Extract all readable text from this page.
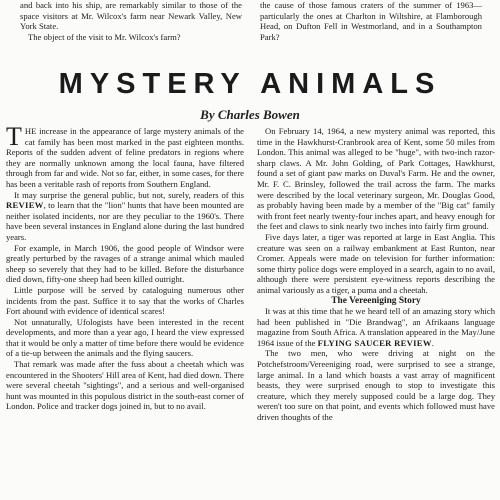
and back into his ship, are remarkably similar to those of the space visitors at Mr. Wilcox's farm near Newark Valley, New York State.

The object of the visit to Mr. Wilcox's farm?

the cause of those famous craters of the summer of 1963—particularly the ones at Charlton in Wiltshire, at Flamborough Head, on Dufton Fell in Westmorland, and in a Southampton Park?

MYSTERY ANIMALS
By Charles Bowen

THE increase in the appearance of large mystery animals of the cat family has been most marked in the past eighteen months. Reports of the sudden advent of feline predators in regions where they are normally unknown among the local fauna, have filtered through from far and wide. Not so far, either, in some cases, for there has been a veritable rash of reports from Southern England.

It may surprise the general public, but not, surely, readers of this REVIEW, to learn that the "lion" hunts that have been mounted are neither isolated incidents, nor are they peculiar to the 1960's. There have been several instances in England alone during the last hundred years.

For example, in March 1906, the good people of Windsor were greatly perturbed by the ravages of a strange animal which mauled sheep so severely that they had to be killed. Before the disturbance died down, fifty-one sheep had been killed outright.

Little purpose will be served by cataloguing numerous other incidents from the past. Suffice it to say that the works of Charles Fort abound with evidence of identical scares!

Not unnaturally, Ufologists have been interested in the recent developments, and more than a year ago, I heard the view expressed that it would be only a matter of time before there would be evidence of a tie-up between the animals and the flying saucers.

That remark was made after the fuss about a cheetah which was encountered in the Shooters' Hill area of Kent, had died down. There were several cheetah "sightings", and a serious and well-organised hunt was mounted in this populous district in the south-east corner of London. Police and tracker dogs joined in, but to no avail.

On February 14, 1964, a new mystery animal was reported, this time in the Hawkhurst-Cranbrook area of Kent, some 50 miles from London. This animal was alleged to be "huge", with two-inch razor-sharp claws. A Mr. John Golding, of Park Cottages, Hawkhurst, found a set of giant paw marks on Duval's Farm. He and the owner, Mr. F. C. Brinsley, followed the trail across the farm. The marks were described by the local veterinary surgeon, Mr. Douglas Good, as probably having been made by a member of the "Big cat" family with front feet nearly twenty-four inches apart, and heavy enough for the feet and claws to sink nearly two inches into fairly firm ground.

Five days later, a tiger was reported at large in East Anglia. This creature was seen on a railway embankment at East Runton, near Cromer. Appeals were made on television for further information: some thirty police dogs were employed in a search, again to no avail, although there were persistent eye-witness reports describing the animal variously as a tiger, a puma and a cheetah.

The Vereeniging Story

It was at this time that he we heard tell of an amazing story which had been published in "Die Brandwag", an Afrikaans language magazine from South Africa. A translation appeared in the May/June 1964 issue of the FLYING SAUCER REVIEW.

The two men, who were driving at night on the Potchefstroom/Vereeniging road, were surprised to see a strange, large animal. In a land which boasts a vast array of magnificent beasts, they were surprised enough to stop to investigate this creature, which they merely supposed could be a large dog. They weren't too sure on that point, and events which followed must have driven thoughts of the
